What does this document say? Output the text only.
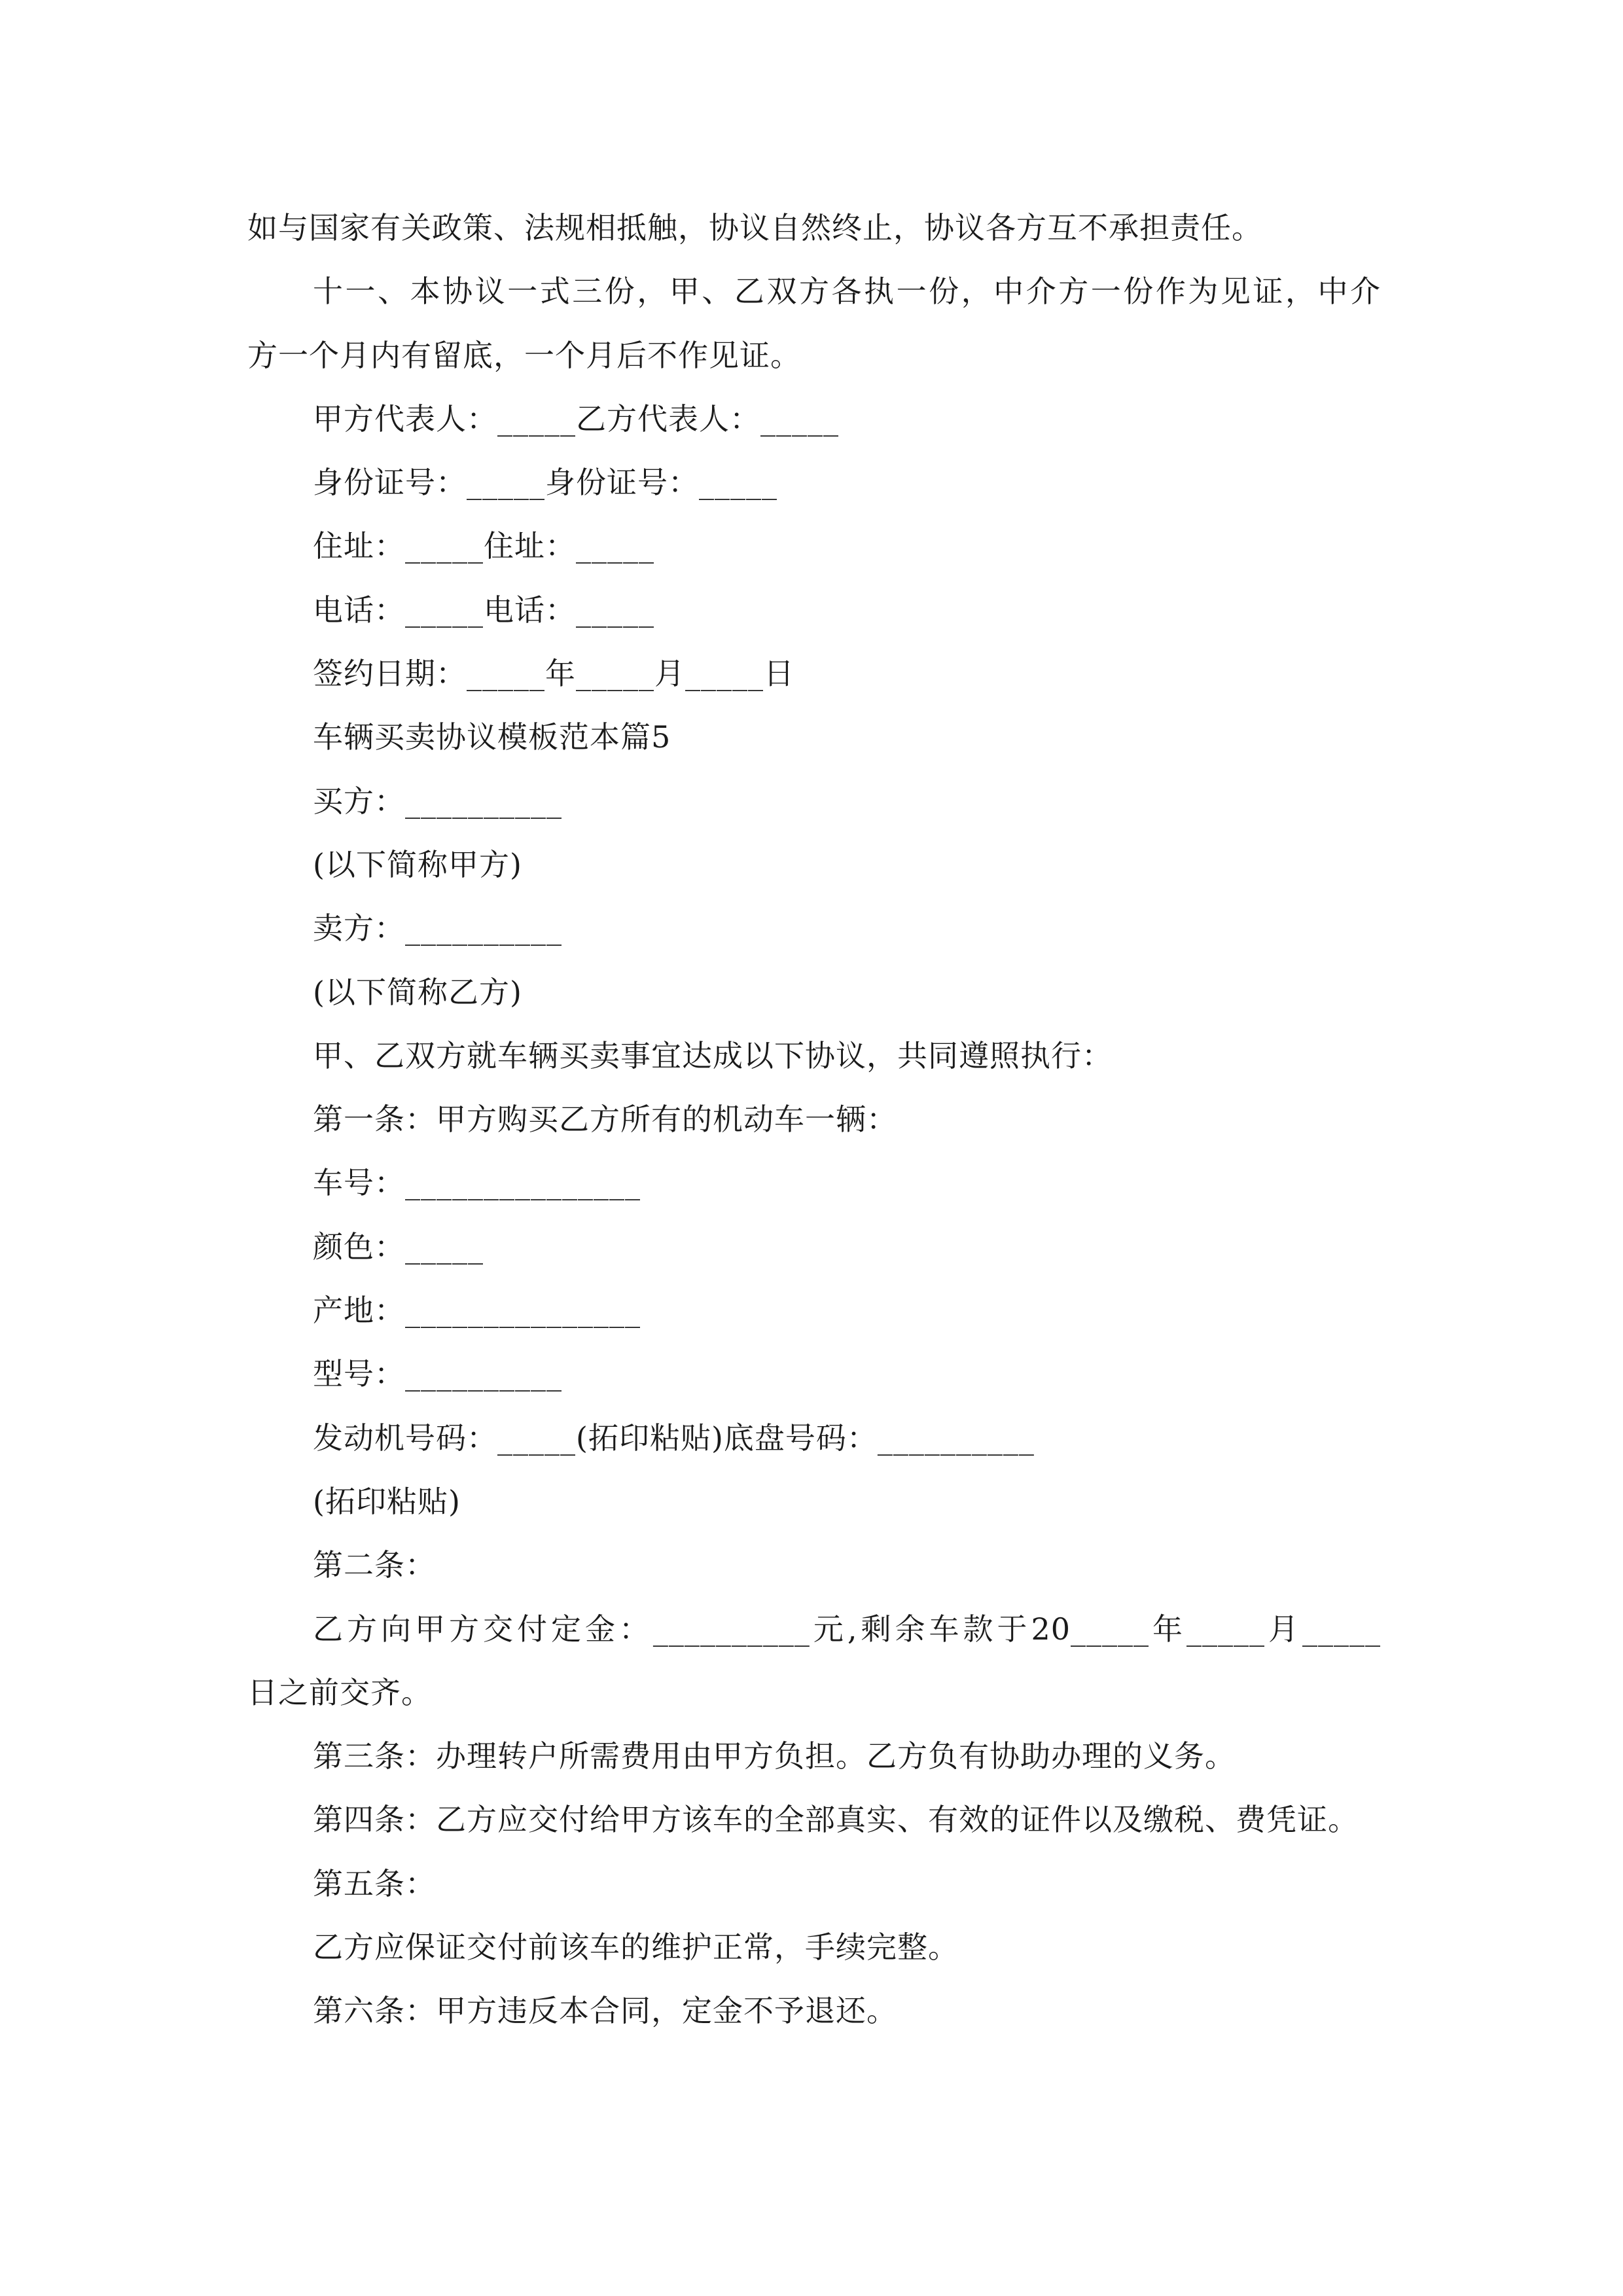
如与国家有关政策、法规相抵触，协议自然终止，协议各方互不承担责任。
十一、本协议一式三份，甲、乙双方各执一份，中介方一份作为见证，中介
方一个月内有留底，一个月后不作见证。
甲方代表人：_____乙方代表人：_____
身份证号：_____身份证号：_____
住址：_____住址：_____
电话：_____电话：_____
签约日期：_____年_____月_____日
车辆买卖协议模板范本篇5
买方：__________
(以下简称甲方)
卖方：__________
(以下简称乙方)
甲、乙双方就车辆买卖事宜达成以下协议，共同遵照执行：
第一条：甲方购买乙方所有的机动车一辆：
车号：_______________
颜色：_____
产地：_______________
型号：__________
发动机号码：_____(拓印粘贴)底盘号码：__________
(拓印粘贴)
第二条：
乙方向甲方交付定金：__________元,剩余车款于20_____年_____月_____
日之前交齐。
第三条：办理转户所需费用由甲方负担。乙方负有协助办理的义务。
第四条：乙方应交付给甲方该车的全部真实、有效的证件以及缴税、费凭证。
第五条：
乙方应保证交付前该车的维护正常，手续完整。
第六条：甲方违反本合同，定金不予退还。
